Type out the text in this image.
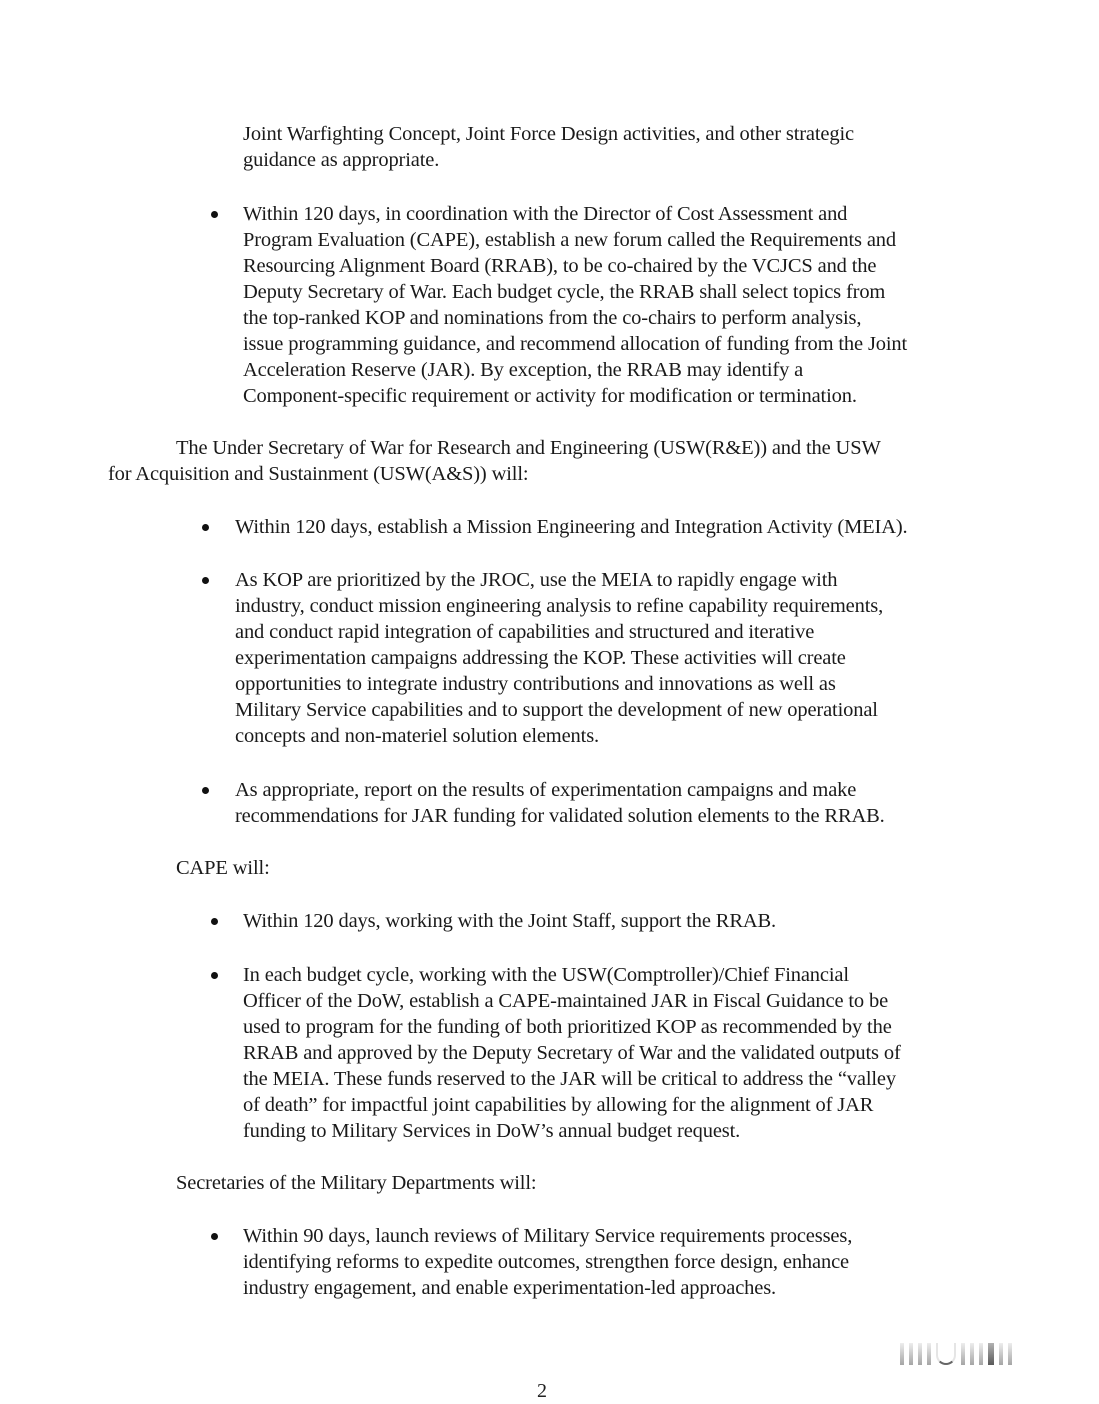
Joint Warfighting Concept, Joint Force Design activities, and other strategic
guidance as appropriate.
Within 120 days, in coordination with the Director of Cost Assessment and
Program Evaluation (CAPE), establish a new forum called the Requirements and
Resourcing Alignment Board (RRAB), to be co-chaired by the VCJCS and the
Deputy Secretary of War. Each budget cycle, the RRAB shall select topics from
the top-ranked KOP and nominations from the co-chairs to perform analysis,
issue programming guidance, and recommend allocation of funding from the Joint
Acceleration Reserve (JAR). By exception, the RRAB may identify a
Component-specific requirement or activity for modification or termination.
The Under Secretary of War for Research and Engineering (USW(R&E)) and the USW
for Acquisition and Sustainment (USW(A&S)) will:
Within 120 days, establish a Mission Engineering and Integration Activity (MEIA).
As KOP are prioritized by the JROC, use the MEIA to rapidly engage with
industry, conduct mission engineering analysis to refine capability requirements,
and conduct rapid integration of capabilities and structured and iterative
experimentation campaigns addressing the KOP. These activities will create
opportunities to integrate industry contributions and innovations as well as
Military Service capabilities and to support the development of new operational
concepts and non-materiel solution elements.
As appropriate, report on the results of experimentation campaigns and make
recommendations for JAR funding for validated solution elements to the RRAB.
CAPE will:
Within 120 days, working with the Joint Staff, support the RRAB.
In each budget cycle, working with the USW(Comptroller)/Chief Financial
Officer of the DoW, establish a CAPE-maintained JAR in Fiscal Guidance to be
used to program for the funding of both prioritized KOP as recommended by the
RRAB and approved by the Deputy Secretary of War and the validated outputs of
the MEIA. These funds reserved to the JAR will be critical to address the “valley
of death” for impactful joint capabilities by allowing for the alignment of JAR
funding to Military Services in DoW’s annual budget request.
Secretaries of the Military Departments will:
Within 90 days, launch reviews of Military Service requirements processes,
identifying reforms to expedite outcomes, strengthen force design, enhance
industry engagement, and enable experimentation-led approaches.
2
